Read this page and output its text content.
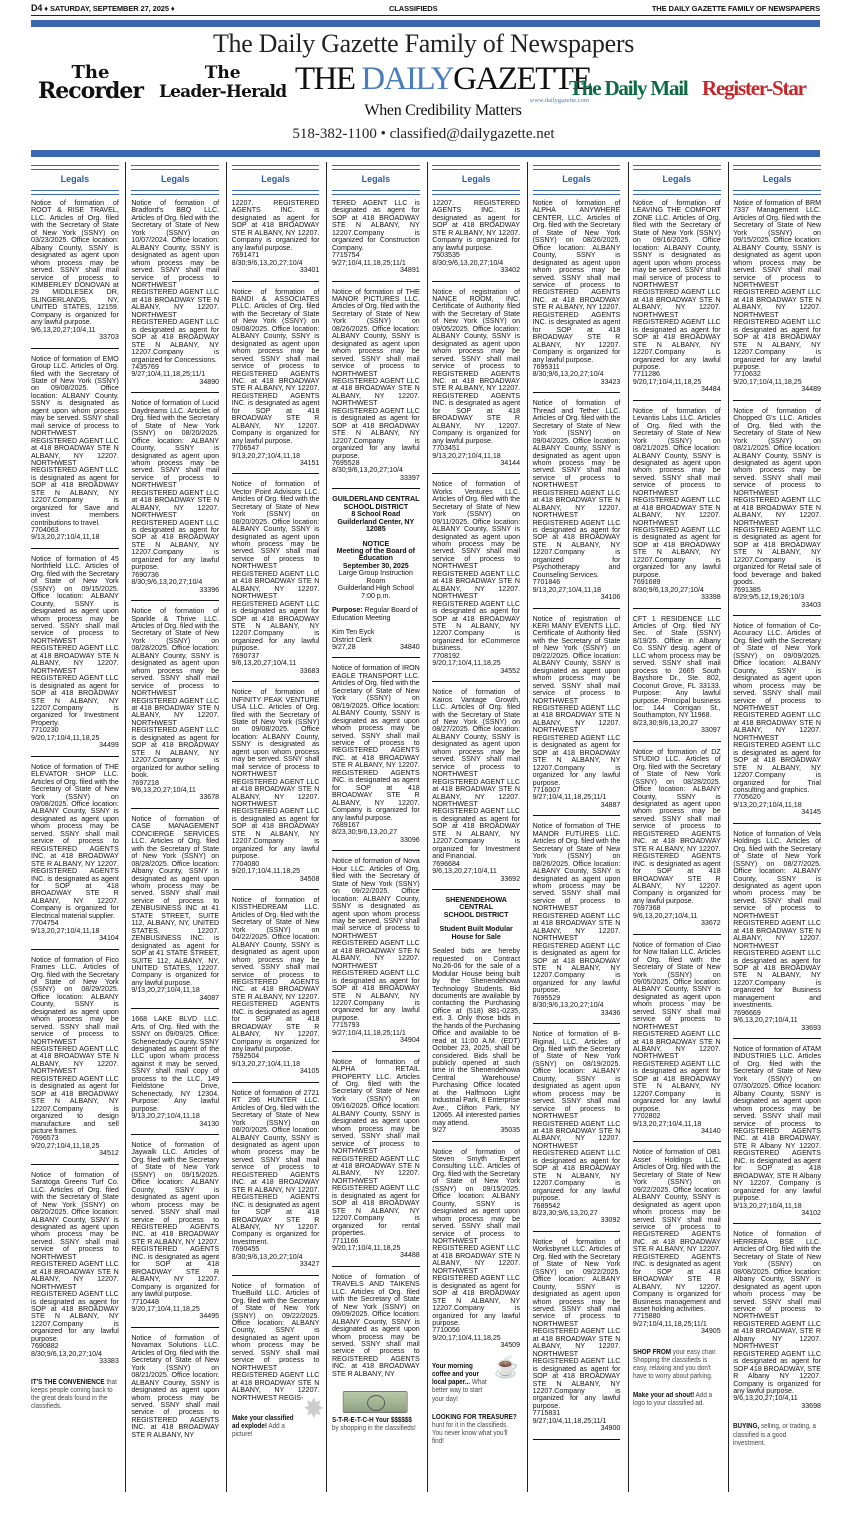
D4 ♦ SATURDAY, SEPTEMBER 27, 2025 ♦	CLASSIFIEDS	THE DAILY GAZETTE FAMILY OF NEWSPAPERS
The Daily Gazette Family of Newspapers
The
Recorder
The
Leader-Herald THE DAILYGAZETTE
www.dailygazette.com
When Credibility Matters
The Daily Mail Register-Star
518-382-1100 • classified@dailygazette.net
Legals
Notice of formation of ROOT & RISE TRAVEL, LLC. Articles of Org. filed with the Secretary of State of New York (SSNY) on 03/23/2025. Office location: Albany County, SSNY is designated as agent upon whom process may be served. SSNY shall mail service of process to KIMBERLEY DONOVAN at 29 MIDDLESEX DR, SLINGERLANDS, NY, UNITED STATES, 12159. Company is organized for any lawful purpose.
9/6,13,20,27;10/4,11
33703
Notice of formation of EMO Group LLC. Articles of Org. filed with the Secretary of State of New York (SSNY) on 09/08/2025. Office location: ALBANY County. SSNY is designated as agent upon whom process may be served. SSNY shall mail service of process to NORTHWEST REGISTERED AGENT LLC at 418 BROADWAY STE N ALBANY, NY 12207. NORTHWEST REGISTERED AGENT LLC is designated as agent for SOP at 418 BROADWAY STE N ALBANY, NY 12207.Company is organized for Save and invest members contributions to travel.
7704063
9/13,20,27;10/4,11,18
Notice of formation of 45 Northfield LLC. Articles of Org. filed with the Secretary of State of New York (SSNY) on 09/15/2025. Office location: ALBANY County, SSNY is designated as agent upon whom process may be served. SSNY shall mail service of process to NORTHWEST REGISTERED AGENT LLC at 418 BROADWAY STE N ALBANY, NY 12207. NORTHWEST REGISTERED AGENT LLC is designated as agent for SOP at 418 BROADWAY STE N ALBANY, NY 12207.Company is organized for Investment Property.
7710230
9/20,17;10/4,11,18,25
34499
Notice of formation of THE ELEVATOR SHOP LLC. Articles of Org. filed with the Secretary of State of New York (SSNY) on 09/08/2025. Office location: ALBANY County, SSNY is designated as agent upon whom process may be served. SSNY shall mail service of process to REGISTERED AGENTS INC. at 418 BROADWAY STE R ALBANY, NY 12207. REGISTERED AGENTS INC. is designated as agent for SOP at 418 BROADWAY STE R ALBANY, NY 12207. Company is organized for Electrical material supplier.
7704754
9/13,20,27;10/4,11,18
34104
Notice of formation of Fico Frames LLC. Articles of Org. filed with the Secretary of State of New York (SSNY) on 08/29/2025. Office location: ALBANY County, SSNY is designated as agent upon whom process may be served. SSNY shall mail service of process to NORTHWEST REGISTERED AGENT LLC at 418 BROADWAY STE N ALBANY, NY 12207. NORTHWEST REGISTERED AGENT LLC is designated as agent for SOP at 418 BROADWAY STE N ALBANY, NY 12207.Company is organized to design manufacture and sell picture frames.
7696573
9/20,27;10/4,11,18,25
34512
Notice of formation of Saratoga Greens Turf Co. LLC. Articles of Org. filed with the Secretary of State of New York (SSNY) on 08/20/2025. Office location: ALBANY County, SSNY is designated as agent upon whom process may be served. SSNY shall mail service of process to NORTHWEST REGISTERED AGENT LLC at 418 BROADWAY STE N ALBANY, NY 12207. NORTHWEST REGISTERED AGENT LLC is designated as agent for SOP at 418 BROADWAY STE N ALBANY, NY 12207.Company is organized for any lawful purpose.
7690882
8/30;9/6,13,20,27;10/4
33383
IT'S THE CONVENIENCE that keeps people coming back to the great deals found in the classifieds.
Legals
Notice of formation of Bradford's BBQ LLC. Articles of Org. filed with the Secretary of State of New York (SSNY) on 10/07/2024. Office location: ALBANY County, SSNY is designated as agent upon whom process may be served. SSNY shall mail service of process to NORTHWEST REGISTERED AGENT LLC at 418 BROADWAY STE N ALBANY, NY 12207. NORTHWEST REGISTERED AGENT LLC is designated as agent for SOP at 418 BROADWAY STE N ALBANY, NY 12207.Company is organized for Concessions.
7435769
9/27;10/4,11,18,25;11/1
34890
Notice of formation of Lucid Daydreams LLC. Articles of Org. filed with the Secretary of State of New York (SSNY) on 08/20/2025. Office location: ALBANY County, SSNY is designated as agent upon whom process may be served. SSNY shall mail service of process to NORTHWEST REGISTERED AGENT LLC at 418 BROADWAY STE N ALBANY, NY 12207. NORTHWEST REGISTERED AGENT LLC is designated as agent for SOP at 418 BROADWAY STE N ALBANY, NY 12207.Company is organized for any lawful purpose.
7690736
8/30;9/6,13,20,27;10/4
33396
Notice of formation of Sparkle & Thrive LLC. Articles of Org. filed with the Secretary of State of New York (SSNY) on 08/28/2025. Office location: ALBANY County, SSNY is designated as agent upon whom process may be served. SSNY shall mail service of process to NORTHWEST REGISTERED AGENT LLC at 418 BROADWAY STE N ALBANY, NY 12207. NORTHWEST REGISTERED AGENT LLC is designated as agent for SOP at 418 BROADWAY STE N ALBANY, NY 12207.Company is organized for author selling book.
7697218
9/6,13,20,27;10/4,11
33678
Notice of formation of CASE MANAGEMENT CONCIERGE SERVICES LLC. Articles of Org. filed with the Secretary of State of New York (SSNY) on 08/28/2025. Office location: Albany County, SSNY is designated as agent upon whom process may be served. SSNY shall mail service of process to ZENBUSINESS INC at 41 STATE STREET, SUITE 112, ALBANY, NY, UNITED STATES, 12207. ZENBUSINESS INC. is designated as agent for SOP at 41 STATE STREET, SUITE 112, ALBANY, NY, UNITED STATES, 12207. Company is organized for any lawful purpose.
9/13,20,27;10/4,11,18
34087
1668 LAKE BLVD LLC. Arts. of Org. filed with the SSNY on 09/09/25. Office: Schenectady County. SSNY designated as agent of the LLC upon whom process against it may be served. SSNY shall mail copy of process to the LLC, 149 Fieldstone Drive, Schenectady, NY 12304. Purpose: Any lawful purpose.
9/13,20,27;10/4,11,18
34130
Notice of formation of Jaywalk LLC. Articles of Org. filed with the Secretary of State of New York (SSNY) on 09/15/2025. Office location: ALBANY County, SSNY is designated as agent upon whom process may be served. SSNY shall mail service of process to REGISTERED AGENTS INC. at 418 BROADWAY STE R ALBANY, NY 12207. REGISTERED AGENTS INC. is designated as agent for SOP at 418 BROADWAY STE R ALBANY, NY 12207. Company is organized for any lawful purpose.
7710448
9/20,17;10/4,11,18,25
34495
Notice of formation of Novamax Solutions LLC. Articles of Org. filed with the Secretary of State of New York (SSNY) on 08/21/2025. Office location: ALBANY County, SSNY is designated as agent upon whom process may be served. SSNY shall mail service of process to REGISTERED AGENTS INC. at 418 BROADWAY STE R ALBANY, NY
Legals
12207. REGISTERED AGENTS INC. is designated as agent for SOP at 418 BROADWAY STE R ALBANY, NY 12207. Company is organized for any lawful purpose.
7691471
8/30;9/6,13,20,27;10/4
33401
Notice of formation of BANDI & ASSOCIATES PLLC. Articles of Org. filed with the Secretary of State of New York (SSNY) on 09/08/2025. Office location: ALBANY County, SSNY is designated as agent upon whom process may be served. SSNY shall mail service of process to REGISTERED AGENTS INC. at 418 BROADWAY STE R ALBANY, NY 12207. REGISTERED AGENTS INC. is designated as agent for SOP at 418 BROADWAY STE R ALBANY, NY 12207. Company is organized for any lawful purpose.
7706547
9/13,20,27;10/4,11,18
34151
Notice of formation of Vector Point Advisors LLC. Articles of Org. filed with the Secretary of State of New York (SSNY) on 08/20/2025. Office location: ALBANY County, SSNY is designated as agent upon whom process may be served. SSNY shall mail service of process to NORTHWEST REGISTERED AGENT LLC at 418 BROADWAY STE N ALBANY, NY 12207. NORTHWEST REGISTERED AGENT LLC is designated as agent for SOP at 418 BROADWAY STE N ALBANY, NY 12207.Company is organized for any lawful purpose.
7690737
9/6,13,20,27;10/4,11
33683
Notice of formation of INFINITY PEAK VENTURE USA LLC. Articles of Org. filed with the Secretary of State of New York (SSNY) on 09/08/2025. Office location: ALBANY County, SSNY is designated as agent upon whom process may be served. SSNY shall mail service of process to NORTHWEST REGISTERED AGENT LLC at 418 BROADWAY STE N ALBANY, NY 12207. NORTHWEST REGISTERED AGENT LLC is designated as agent for SOP at 418 BROADWAY STE N ALBANY, NY 12207.Company is organized for any lawful purpose.
7704080
9/20,17;10/4,11,18,25
34508
Notice of formation of KISSTHEDREAM LLC. Articles of Org. filed with the Secretary of State of New York (SSNY) on 04/22/2025. Office location: ALBANY County, SSNY is designated as agent upon whom process may be served. SSNY shall mail service of process to REGISTERED AGENTS INC. at 418 BROADWAY STE R ALBANY, NY 12207. REGISTERED AGENTS INC. is designated as agent for SOP at 418 BROADWAY STE R ALBANY, NY 12207. Company is organized for any lawful purpose.
7592504
9/13,20,27;10/4,11,18
34105
Notice of formation of 2721 RT 296 HUNTER LLC. Articles of Org. filed with the Secretary of State of New York (SSNY) on 08/20/2025. Office location: ALBANY County, SSNY is designated as agent upon whom process may be served. SSNY shall mail service of process to REGISTERED AGENTS INC. at 418 BROADWAY STE R ALBANY, NY 12207. REGISTERED AGENTS INC. is designated as agent for SOP at 418 BROADWAY STE R ALBANY, NY 12207. Company is organized for Investment.
7690455
8/30;9/6,13,20,27;10/4
33427
Notice of formation of TrueBuild LLC. Articles of Org. filed with the Secretary of State of New York (SSNY) on 09/22/2025. Office location: ALBANY County, SSNY is designated as agent upon whom process may be served. SSNY shall mail service of process to NORTHWEST REGISTERED AGENT LLC at 418 BROADWAY STE N ALBANY, NY 12207. NORTHWEST REGIS- ✸
Make your classified ad explode! Add a picture!
Legals
TERED AGENT LLC is designated as agent for SOP at 418 BROADWAY STE N ALBANY, NY 12207.Company is organized for Construction Company.
7715754
9/27;10/4,11,18,25;11/1
34891
Notice of formation of THE MANOR PICTURES LLC. Articles of Org. filed with the Secretary of State of New York (SSNY) on 08/26/2025. Office location: ALBANY County, SSNY is designated as agent upon whom process may be served. SSNY shall mail service of process to NORTHWEST REGISTERED AGENT LLC at 418 BROADWAY STE N ALBANY, NY 12207. NORTHWEST REGISTERED AGENT LLC is designated as agent for SOP at 418 BROADWAY STE N ALBANY, NY 12207.Company is organized for any lawful purpose.
7695528
8/30;9/6,13,20,27;10/4
33397
GUILDERLAND CENTRAL SCHOOL DISTRICT
8 School Road
Guilderland Center, NY 12085
NOTICE
Meeting of the Board of Education
September 30, 2025
Large Group Instruction Room
Guilderland High School
7:00 p.m.
Purpose: Regular Board of Education Meeting
Kim Ten Eyck
District Clerk
9/27,28	34840
Notice of formation of IRON EAGLE TRANSPORT LLC. Articles of Org. filed with the Secretary of State of New York (SSNY) on 08/19/2025. Office location: ALBANY County, SSNY is designated as agent upon whom process may be served. SSNY shall mail service of process to REGISTERED AGENTS INC. at 418 BROADWAY STE R ALBANY, NY 12207. REGISTERED AGENTS INC. is designated as agent for SOP at 418 BROADWAY STE R ALBANY, NY 12207. Company is organized for any lawful purpose.
7689167
8/23,30;9/6,13,20,27
33096
Notice of formation of Nova Hour LLC. Articles of Org. filed with the Secretary of State of New York (SSNY) on 09/22/2025. Office location: ALBANY County, SSNY is designated as agent upon whom process may be served. SSNY shall mail service of process to NORTHWEST REGISTERED AGENT LLC at 418 BROADWAY STE N ALBANY, NY 12207. NORTHWEST REGISTERED AGENT LLC is designated as agent for SOP at 418 BROADWAY STE N ALBANY, NY 12207.Company is organized for any lawful purpose.
7715793
9/27;10/4,11,18,25;11/1
34904
Notice of formation of ALPHA RETAIL PROPERTY LLC. Articles of Org. filed with the Secretary of State of New York (SSNY) on 09/16/2025. Office location: ALBANY County, SSNY is designated as agent upon whom process may be served. SSNY shall mail service of process to NORTHWEST REGISTERED AGENT LLC at 418 BROADWAY STE N ALBANY, NY 12207. NORTHWEST REGISTERED AGENT LLC is designated as agent for SOP at 418 BROADWAY STE N ALBANY, NY 12207.Company is organized for rental properties.
7711166
9/20,17;10/4,11,18,25
34488
Notice of formation of TRAVELS AND TAIKENS LLC. Articles of Org. filed with the Secretary of State of New York (SSNY) on 09/09/2025. Office location: ALBANY County, SSNY is designated as agent upon whom process may be served. SSNY shall mail service of process to REGISTERED AGENTS INC. at 418 BROADWAY STE R ALBANY, NY
S-T-R-E-T-C-H Your $$$$$$ by shopping in the classifieds!
Legals
12207. REGISTERED AGENTS INC. is designated as agent for SOP at 418 BROADWAY STE R ALBANY, NY 12207. Company is organized for any lawful purpose.
7503535
8/30;9/6,13,20,27;10/4
33402
Notice of registration of NANCE ROOM, INC. Certificate of Authority filed with the Secretary of State of New York (SSNY) on 09/05/2025. Office location: ALBANY County, SSNY is designated as agent upon whom process may be served. SSNY shall mail service of process to REGISTERED AGENTS INC. at 418 BROADWAY STE R ALBANY, NY 12207. REGISTERED AGENTS INC. is designated as agent for SOP at 418 BROADWAY STE R ALBANY, NY 12207. Company is organized for any lawful purpose.
7703451
9/13,20,27;10/4,11,18
34144
Notice of formation of Works Ventures LLC. Articles of Org. filed with the Secretary of State of New York (SSNY) on 09/11/2025. Office location: ALBANY County, SSNY is designated as agent upon whom process may be served. SSNY shall mail service of process to NORTHWEST REGISTERED AGENT LLC at 418 BROADWAY STE N ALBANY, NY 12207. NORTHWEST REGISTERED AGENT LLC is designated as agent for SOP at 418 BROADWAY STE N ALBANY, NY 12207.Company is organized for eCommerce business.
7708192
9/20,17;10/4,11,18,25
34552
Notice of formation of Kairos Vantage Growth, LLC. Articles of Org. filed with the Secretary of State of New York (SSNY) on 08/27/2025. Office location: ALBANY County, SSNY is designated as agent upon whom process may be served. SSNY shall mail service of process to NORTHWEST REGISTERED AGENT LLC at 418 BROADWAY STE N ALBANY, NY 12207. NORTHWEST REGISTERED AGENT LLC is designated as agent for SOP at 418 BROADWAY STE N ALBANY, NY 12207.Company is organized for Investment and Financial.
7696684
9/6,13,20,27;10/4,11
33692
SHENENDEHOWA
CENTRAL
SCHOOL DISTRICT
Student Built Modular House for Sale
Sealed bids are hereby requested on Contract No.26-06 for the sale of a Modular House being built by the Shenendehowa Technology Students. Bid documents are available by contacting the Purchasing Office at (518) 881-0235, ext. 3. Only those bids in the hands of the Purchasing Office and available to be read at 11:00 A.M. (EDT) October 23, 2025, shall be considered. Bids shall be publicly opened at such time in the Shenendehowa Central Warehouse/ Purchasing Office located at the Halfmoon Light Industrial Park, 8 Enterprise Ave., Clifton Park, NY 12065. All interested parties may attend.
9/27	35035
Notice of formation of Steven Smyth Expert Consulting LLC. Articles of Org. filed with the Secretary of State of New York (SSNY) on 09/15/2025. Office location: ALBANY County, SSNY is designated as agent upon whom process may be served. SSNY shall mail service of process to NORTHWEST REGISTERED AGENT LLC at 418 BROADWAY STE N ALBANY, NY 12207. NORTHWEST REGISTERED AGENT LLC is designated as agent for SOP at 418 BROADWAY STE N ALBANY, NY 12207.Company is organized for any lawful purpose.
7710056
9/20,17;10/4,11,18,25
34509
☕
Your morning coffee and your local paper... What better way to start your day!
LOOKING FOR TREASURE? hunt for it in the classifieds. You never know what you'll find!
Legals
Notice of formation of ALPHA ANYWHERE CENTER, LLC. Articles of Org. filed with the Secretary of State of New York (SSNY) on 08/26/2025. Office location: ALBANY County, SSNY is designated as agent upon whom process may be served. SSNY shall mail service of process to REGISTERED AGENTS INC. at 418 BROADWAY STE R ALBANY, NY 12207. REGISTERED AGENTS INC. is designated as agent for SOP at 418 BROADWAY STE R ALBANY, NY 12207. Company is organized for any lawful purpose.
7695311
8/30;9/6,13,20,27;10/4
33423
Notice of formation of Thread and Tether LLC. Articles of Org. filed with the Secretary of State of New York (SSNY) on 09/04/2025. Office location: ALBANY County, SSNY is designated as agent upon whom process may be served. SSNY shall mail service of process to NORTHWEST REGISTERED AGENT LLC at 418 BROADWAY STE N ALBANY, NY 12207. NORTHWEST REGISTERED AGENT LLC is designated as agent for SOP at 418 BROADWAY STE N ALBANY, NY 12207.Company is organized for Psychotherapy and Counseling Services.
7701846
9/13,20,27;10/4,11,18
34106
Notice of registration of KERI MANY EVENTS LLC. Certificate of Authority filed with the Secretary of State of New York (SSNY) on 09/22/2025. Office location: ALBANY County, SSNY is designated as agent upon whom process may be served. SSNY shall mail service of process to NORTHWEST REGISTERED AGENT LLC at 418 BROADWAY STE N ALBANY, NY 12207. NORTHWEST REGISTERED AGENT LLC is designated as agent for SOP at 418 BROADWAY STE N ALBANY, NY 12207.Company is organized for any lawful purpose.
7716007
9/27;10/4,11,18,25;11/1
34887
Notice of formation of THE MANOR FUTURES LLC. Articles of Org. filed with the Secretary of State of New York (SSNY) on 08/26/2025. Office location: ALBANY County, SSNY is designated as agent upon whom process may be served. SSNY shall mail service of process to NORTHWEST REGISTERED AGENT LLC at 418 BROADWAY STE N ALBANY, NY 12207. NORTHWEST REGISTERED AGENT LLC is designated as agent for SOP at 418 BROADWAY STE N ALBANY, NY 12207.Company is organized for any lawful purpose.
7695529
8/30;9/6,13,20,27;10/4
33436
Notice of formation of B-Riginal, LLC. Articles of Org. filed with the Secretary of State of New York (SSNY) on 08/19/2025. Office location: ALBANY County, SSNY is designated as agent upon whom process may be served. SSNY shall mail service of process to NORTHWEST REGISTERED AGENT LLC at 418 BROADWAY STE N ALBANY, NY 12207. NORTHWEST REGISTERED AGENT LLC is designated as agent for SOP at 418 BROADWAY STE N ALBANY, NY 12207.Company is organized for any lawful purpose.
7689542
8/23,30;9/6,13,20,27
33092
Notice of formation of Worksbynet LLC. Articles of Org. filed with the Secretary of State of New York (SSNY) on 09/22/2025. Office location: ALBANY County, SSNY is designated as agent upon whom process may be served. SSNY shall mail service of process to NORTHWEST REGISTERED AGENT LLC at 418 BROADWAY STE N ALBANY, NY 12207. NORTHWEST REGISTERED AGENT LLC is designated as agent for SOP at 418 BROADWAY STE N ALBANY, NY 12207.Company is organized for any lawful purpose.
7715831
9/27;10/4,11,18,25;11/1
34900
Legals
Notice of formation of LEAVING THE COMFORT ZONE LLC. Articles of Org. filed with the Secretary of State of New York (SSNY) on 09/16/2025. Office location: ALBANY County, SSNY is designated as agent upon whom process may be served. SSNY shall mail service of process to NORTHWEST REGISTERED AGENT LLC at 418 BROADWAY STE N ALBANY, NY 12207. NORTHWEST REGISTERED AGENT LLC is designated as agent for SOP at 418 BROADWAY STE N ALBANY, NY 12207.Company is organized for any lawful purpose.
7711286
9/20,17;10/4,11,18,25
34484
Notice of formation of Levantis Labs LLC. Articles of Org. filed with the Secretary of State of New York (SSNY) on 08/21/2025. Office location: ALBANY County, SSNY is designated as agent upon whom process may be served. SSNY shall mail service of process to NORTHWEST REGISTERED AGENT LLC at 418 BROADWAY STE N ALBANY, NY 12207. NORTHWEST REGISTERED AGENT LLC is designated as agent for SOP at 418 BROADWAY STE N ALBANY, NY 12207.Company is organized for any lawful purpose.
7691689
8/30;9/6,13,20,27;10/4
33398
CFT 1 RESIDENCE LLC Articles of Org. filed NY Sec. of State (SSNY) 8/19/25. Office in Albany Co. SSNY desig. agent of LLC whom process may be served. SSNY shall mail process to 2665 South Bayshore Dr., Ste. 802, Coconut Grove, FL 33133. Purpose: Any lawful purpose. Principal business loc: 144 Corrigan St., Southampton, NY 11968.
8/23,30;9/6,13,20,27
33097
Notice of formation of DZ STUDIO LLC. Articles of Org. filed with the Secretary of State of New York (SSNY) on 08/28/2025. Office location: ALBANY County, SSNY is designated as agent upon whom process may be served. SSNY shall mail service of process to REGISTERED AGENTS INC. at 418 BROADWAY STE R ALBANY, NY 12207. REGISTERED AGENTS INC. is designated as agent for SOP at 418 BROADWAY STE R ALBANY, NY 12207. Company is organized for any lawful purpose.
7697368
9/6,13,20,27;10/4,11
33672
Notice of formation of Ciao for Now Italian LLC. Articles of Org. filed with the Secretary of State of New York (SSNY) on 09/05/2025. Office location: ALBANY County, SSNY is designated as agent upon whom process may be served. SSNY shall mail service of process to NORTHWEST REGISTERED AGENT LLC at 418 BROADWAY STE N ALBANY, NY 12207. NORTHWEST REGISTERED AGENT LLC is designated as agent for SOP at 418 BROADWAY STE N ALBANY, NY 12207.Company is organized for any lawful purpose.
7702802
9/13,20,27;10/4,11,18
34140
Notice of formation of OB1 Asset Holdings LLC. Articles of Org. filed with the Secretary of State of New York (SSNY) on 09/22/2025. Office location: ALBANY County, SSNY is designated as agent upon whom process may be served. SSNY shall mail service of process to REGISTERED AGENTS INC. at 418 BROADWAY STE R ALBANY, NY 12207. REGISTERED AGENTS INC. is designated as agent for SOP at 418 BROADWAY STE R ALBANY, NY 12207. Company is organized for Business management and asset holding activities.
7715880
9/27;10/4,11,18,25;11/1
34905
SHOP FROM your easy chair. Shopping the classifieds is easy, relaxing and you don't have to worry about parking.
Make your ad shout! Add a logo to your classified ad.
Legals
Notice of formation of BRM 7337 Management LLC. Articles of Org. filed with the Secretary of State of New York (SSNY) on 09/15/2025. Office location: ALBANY County, SSNY is designated as agent upon whom process may be served. SSNY shall mail service of process to NORTHWEST REGISTERED AGENT LLC at 418 BROADWAY STE N ALBANY, NY 12207. NORTHWEST REGISTERED AGENT LLC is designated as agent for SOP at 418 BROADWAY STE N ALBANY, NY 12207.Company is organized for any lawful purpose.
7710632
9/20,17;10/4,11,18,25
34489
Notice of formation of Chopped G's LLC. Articles of Org. filed with the Secretary of State of New York (SSNY) on 08/21/2025. Office location: ALBANY County, SSNY is designated as agent upon whom process may be served. SSNY shall mail service of process to NORTHWEST REGISTERED AGENT LLC at 418 BROADWAY STE N ALBANY, NY 12207. NORTHWEST REGISTERED AGENT LLC is designated as agent for SOP at 418 BROADWAY STE N ALBANY, NY 12207.Company is organized for Retail sale of food beverage and baked goods.
7691385
8/29;9/5,12,19,26;10/3
33403
Notice of formation of Co-Accuracy LLC. Articles of Org. filed with the Secretary of State of New York (SSNY) on 09/09/2025. Office location: ALBANY County, SSNY is designated as agent upon whom process may be served. SSNY shall mail service of process to NORTHWEST REGISTERED AGENT LLC at 418 BROADWAY STE N ALBANY, NY 12207. NORTHWEST REGISTERED AGENT LLC is designated as agent for SOP at 418 BROADWAY STE N ALBANY, NY 12207.Company is organized for Trial consulting and graphics.
7705620
9/13,20,27;10/4,11,18
34145
Notice of formation of Vela Holdings LLC. Articles of Org. filed with the Secretary of State of New York (SSNY) on 08/27/2025. Office location: ALBANY County, SSNY is designated as agent upon whom process may be served. SSNY shall mail service of process to NORTHWEST REGISTERED AGENT LLC at 418 BROADWAY STE N ALBANY, NY 12207. NORTHWEST REGISTERED AGENT LLC is designated as agent for SOP at 418 BROADWAY STE N ALBANY, NY 12207.Company is organized for Business management and investments.
7696669
9/6,13,20,27;10/4,11
33693
Notice of formation of ATAM INDUSTRIES LLC. Articles of Org. filed with the Secretary of State of New York (SSNY) on 07/30/2025. Office location: Albany County, SSNY is designated as agent upon whom process may be served. SSNY shall mail service of process to REGISTERED AGENTS INC. at 418 BROADWAY, STE R Albany NY 12207. REGISTERED AGENTS INC. is designated as agent for SOP at 418 BROADWAY, STE R Albany NY 12207. Company is organized for any lawful purpose.
9/13,20,27;10/4,11,18
34102
Notice of formation of HERRERA BSE LLC. Articles of Org. filed with the Secretary of State of New York (SSNY) on 08/08/2025. Office location: Albany County, SSNY is designated as agent upon whom process may be served. SSNY shall mail service of process to NORTHWEST REGISTERED AGENT LLC at 418 BROADWAY, STE R Albany NY 12207. NORTHWEST REGISTERED AGENT LLC is designated as agent for SOP 418 BROADWAY, STE R Albany NY 12207. Company is organized for any lawful purpose.
9/6,13,20,27;10/4,11
33698
BUYING, selling, or trading, a classified is a good investment.
